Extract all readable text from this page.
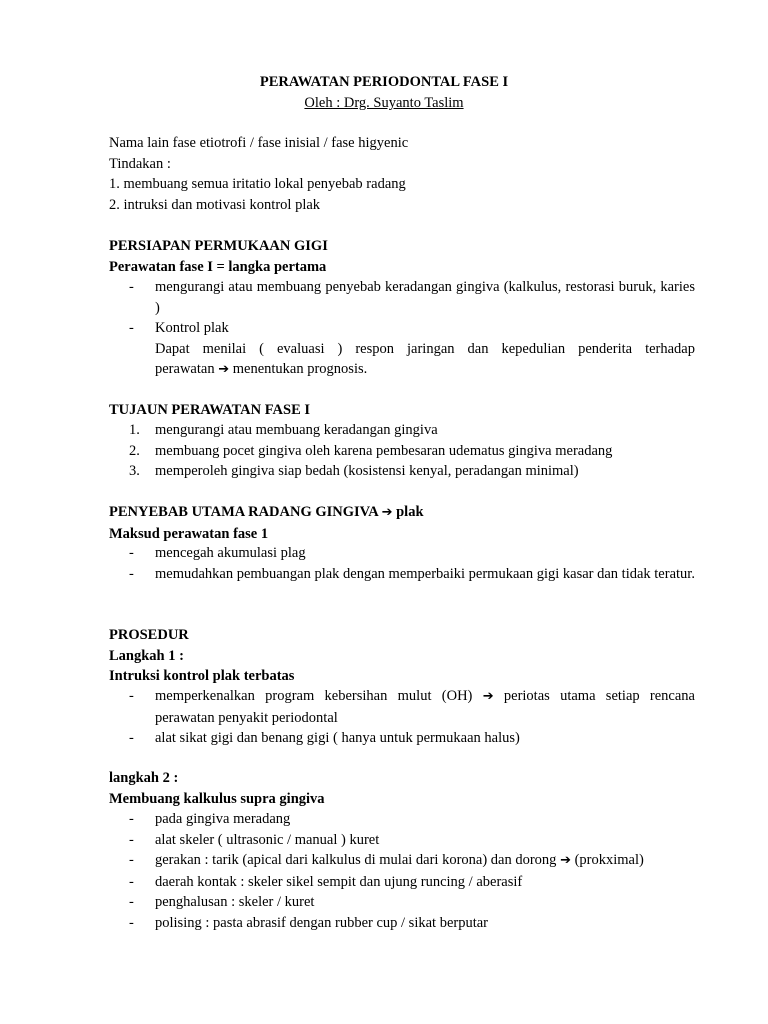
PERAWATAN PERIODONTAL FASE I
Oleh : Drg. Suyanto Taslim
Nama lain fase etiotrofi / fase inisial / fase higyenic
Tindakan :
1. membuang semua iritatio lokal penyebab radang
2. intruksi dan motivasi kontrol plak
PERSIAPAN PERMUKAAN GIGI
Perawatan fase I = langka pertama
-	mengurangi atau membuang penyebab keradangan gingiva (kalkulus, restorasi buruk, karies )
-	Kontrol plak
Dapat menilai ( evaluasi ) respon jaringan dan kepedulian penderita terhadap
perawatan ➔ menentukan prognosis.
TUJAUN PERAWATAN FASE I
1.	mengurangi atau membuang keradangan gingiva
2.	membuang pocet gingiva oleh karena pembesaran udematus gingiva meradang
3.	memperoleh gingiva siap bedah (kosistensi kenyal, peradangan minimal)
PENYEBAB UTAMA RADANG GINGIVA ➔ plak
Maksud perawatan fase 1
-	mencegah akumulasi plag
-	memudahkan pembuangan plak dengan memperbaiki permukaan gigi kasar dan tidak teratur.
PROSEDUR
Langkah 1 :
Intruksi kontrol plak terbatas
-	memperkenalkan program kebersihan mulut (OH) ➔ periotas utama setiap rencana perawatan penyakit periodontal
-	alat sikat gigi dan benang gigi ( hanya untuk permukaan halus)
langkah 2 :
Membuang kalkulus supra gingiva
-	pada gingiva meradang
-	alat skeler ( ultrasonic / manual ) kuret
-	gerakan : tarik (apical dari kalkulus di mulai dari korona) dan dorong ➔ (prokximal)
-	daerah kontak : skeler sikel sempit dan ujung runcing / aberasif
-	penghalusan : skeler / kuret
-	polising : pasta abrasif dengan rubber cup / sikat berputar
